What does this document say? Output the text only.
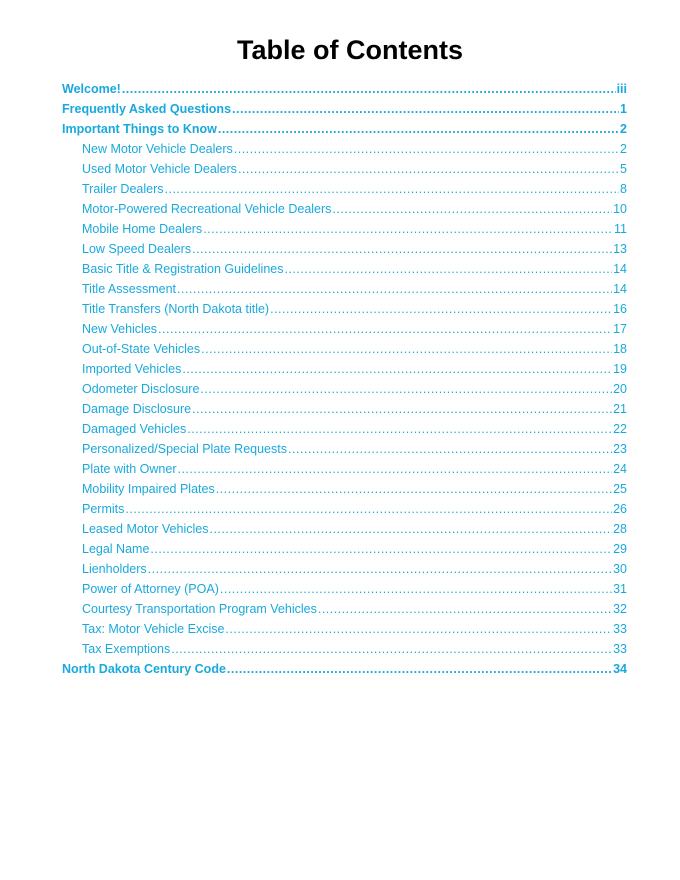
Table of Contents
Welcome! .....	iii
Frequently Asked Questions .....	1
Important Things to Know .....	2
New Motor Vehicle Dealers .....	2
Used Motor Vehicle Dealers .....	5
Trailer Dealers .....	8
Motor-Powered Recreational Vehicle Dealers .....	10
Mobile Home Dealers .....	11
Low Speed Dealers .....	13
Basic Title & Registration Guidelines .....	14
Title Assessment .....	14
Title Transfers (North Dakota title) .....	16
New Vehicles .....	17
Out-of-State Vehicles .....	18
Imported Vehicles .....	19
Odometer Disclosure .....	20
Damage Disclosure .....	21
Damaged Vehicles .....	22
Personalized/Special Plate Requests .....	23
Plate with Owner .....	24
Mobility Impaired Plates .....	25
Permits .....	26
Leased Motor Vehicles .....	28
Legal Name .....	29
Lienholders .....	30
Power of Attorney (POA) .....	31
Courtesy Transportation Program Vehicles .....	32
Tax: Motor Vehicle Excise .....	33
Tax Exemptions .....	33
North Dakota Century Code .....	34
